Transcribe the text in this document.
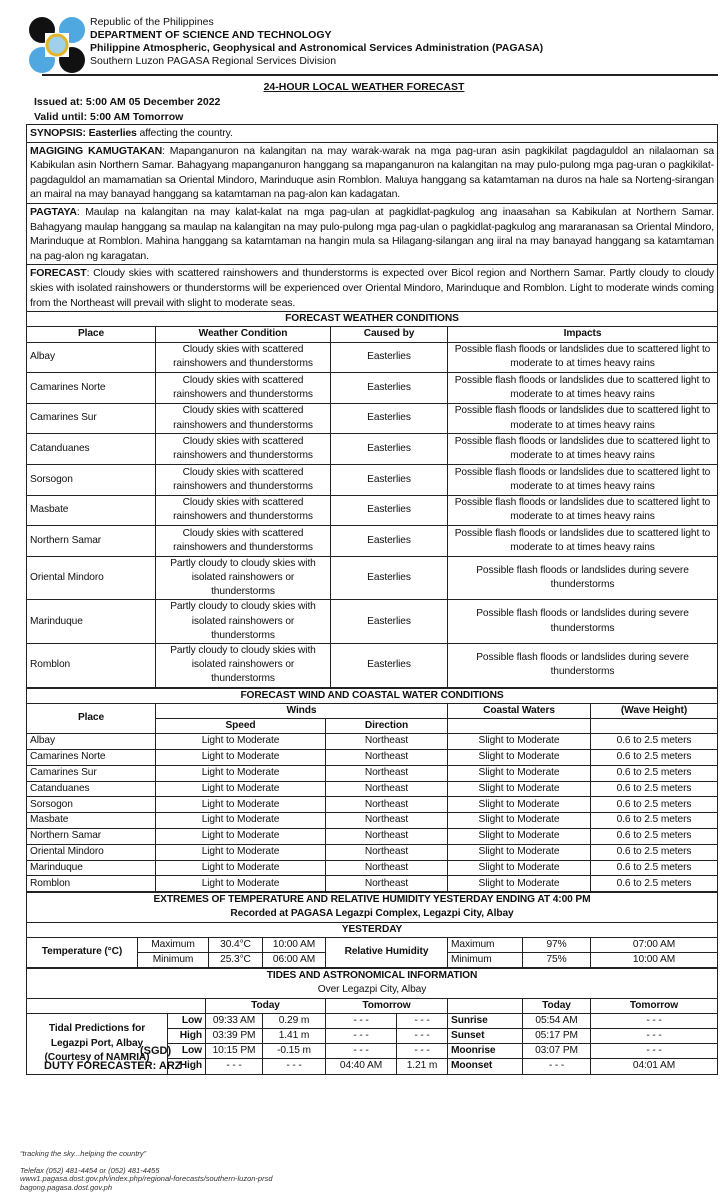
Republic of the Philippines
DEPARTMENT OF SCIENCE AND TECHNOLOGY
Philippine Atmospheric, Geophysical and Astronomical Services Administration (PAGASA)
Southern Luzon PAGASA Regional Services Division
24-HOUR LOCAL WEATHER FORECAST
Issued at: 5:00 AM 05 December 2022
Valid until: 5:00 AM Tomorrow
SYNOPSIS: Easterlies affecting the country.
MAGIGING KAMUGTAKAN: Mapanganuron na kalangitan na may warak-warak na mga pag-uran asin pagkikilat pagdaguldol an nilalaoman sa Kabikulan asin Northern Samar. Bahagyang mapanganuron hanggang sa mapanganuron na kalangitan na may pulo-pulong mga pag-uran o pagkikilat-pagdaguldol an mamamatian sa Oriental Mindoro, Marinduque asin Romblon. Maluya hanggang sa katamtaman na duros na hale sa Norteng-sirangan an mairal na may banayad hanggang sa katamtaman na pag-alon kan kadagatan.
PAGTAYA: Maulap na kalangitan na may kalat-kalat na mga pag-ulan at pagkidlat-pagkulog ang inaasahan sa Kabikulan at Northern Samar. Bahagyang maulap hanggang sa maulap na kalangitan na may pulo-pulong mga pag-ulan o pagkidlat-pagkulog ang mararanasan sa Oriental Mindoro, Marinduque at Romblon. Mahina hanggang sa katamtaman na hangin mula sa Hilagang-silangan ang iiral na may banayad hanggang sa katamtaman na pag-alon ng karagatan.
FORECAST: Cloudy skies with scattered rainshowers and thunderstorms is expected over Bicol region and Northern Samar. Partly cloudy to cloudy skies with isolated rainshowers or thunderstorms will be experienced over Oriental Mindoro, Marinduque and Romblon. Light to moderate winds coming from the Northeast will prevail with slight to moderate seas.
FORECAST WEATHER CONDITIONS			
Place	Weather Condition	Caused by	Impacts
Albay	Cloudy skies with scattered rainshowers and thunderstorms	Easterlies	Possible flash floods or landslides due to scattered light to moderate to at times heavy rains
Camarines Norte	Cloudy skies with scattered rainshowers and thunderstorms	Easterlies	Possible flash floods or landslides due to scattered light to moderate to at times heavy rains
Camarines Sur	Cloudy skies with scattered rainshowers and thunderstorms	Easterlies	Possible flash floods or landslides due to scattered light to moderate to at times heavy rains
Catanduanes	Cloudy skies with scattered rainshowers and thunderstorms	Easterlies	Possible flash floods or landslides due to scattered light to moderate to at times heavy rains
Sorsogon	Cloudy skies with scattered rainshowers and thunderstorms	Easterlies	Possible flash floods or landslides due to scattered light to moderate to at times heavy rains
Masbate	Cloudy skies with scattered rainshowers and thunderstorms	Easterlies	Possible flash floods or landslides due to scattered light to moderate to at times heavy rains
Northern Samar	Cloudy skies with scattered rainshowers and thunderstorms	Easterlies	Possible flash floods or landslides due to scattered light to moderate to at times heavy rains
Oriental Mindoro	Partly cloudy to cloudy skies with isolated rainshowers or thunderstorms	Easterlies	Possible flash floods or landslides during severe thunderstorms
Marinduque	Partly cloudy to cloudy skies with isolated rainshowers or thunderstorms	Easterlies	Possible flash floods or landslides during severe thunderstorms
Romblon	Partly cloudy to cloudy skies with isolated rainshowers or thunderstorms	Easterlies	Possible flash floods or landslides during severe thunderstorms
FORECAST WIND AND COASTAL WATER CONDITIONS				
Place	Winds		Coastal Waters	(Wave Height)
	Speed	Direction		
Albay	Light to Moderate	Northeast	Slight to Moderate	0.6 to 2.5 meters
Camarines Norte	Light to Moderate	Northeast	Slight to Moderate	0.6 to 2.5 meters
Camarines Sur	Light to Moderate	Northeast	Slight to Moderate	0.6 to 2.5 meters
Catanduanes	Light to Moderate	Northeast	Slight to Moderate	0.6 to 2.5 meters
Sorsogon	Light to Moderate	Northeast	Slight to Moderate	0.6 to 2.5 meters
Masbate	Light to Moderate	Northeast	Slight to Moderate	0.6 to 2.5 meters
Northern Samar	Light to Moderate	Northeast	Slight to Moderate	0.6 to 2.5 meters
Oriental Mindoro	Light to Moderate	Northeast	Slight to Moderate	0.6 to 2.5 meters
Marinduque	Light to Moderate	Northeast	Slight to Moderate	0.6 to 2.5 meters
Romblon	Light to Moderate	Northeast	Slight to Moderate	0.6 to 2.5 meters
EXTREMES OF TEMPERATURE AND RELATIVE HUMIDITY YESTERDAY ENDING AT 4:00 PM							
Recorded at PAGASA Legazpi Complex, Legazpi City, Albay							
YESTERDAY							
Temperature (°C)	Maximum	30.4°C	10:00 AM	Relative Humidity	Maximum	97%	07:00 AM
	Minimum	25.3°C	06:00 AM		Minimum	75%	10:00 AM
TIDES AND ASTRONOMICAL INFORMATION								
Over Legazpi City, Albay								
		Today		Tomorrow			Today	Tomorrow
Tidal Predictions for Legazpi Port, Albay (Courtesy of NAMRIA)	Low	09:33 AM	0.29 m	- - -	- - -	Sunrise	05:54 AM	- - -
	High	03:39 PM	1.41 m	- - -	- - -	Sunset	05:17 PM	- - -
	Low	10:15 PM	-0.15 m	- - -	- - -	Moonrise	03:07 PM	- - -
	High	- - -	- - -	04:40 AM	1.21 m	Moonset	- - -	04:01 AM
(SGD)
DUTY FORECASTER: ARZ
“tracking the sky...helping the country”
Telefax (052) 481-4454 or (052) 481-4455
www1.pagasa.dost.gov.ph/index.php/regional-forecasts/southern-luzon-prsd
bagong.pagasa.dost.gov.ph
